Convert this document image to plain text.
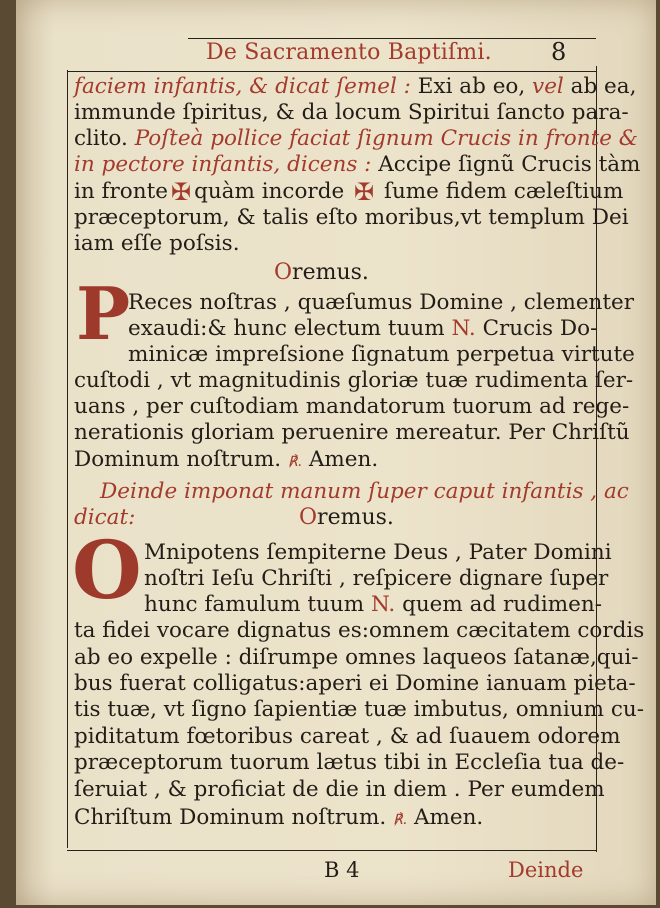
De Sacramento Baptiſmi. 8
faciem infantis, & dicat ſemel : Exi ab eo, vel ab ea,
immunde ſpiritus, & da locum Spiritui ſancto para-
clito. Poſteà pollice faciat ſignum Crucis in fronte &
in pectore infantis, dicens : Accipe ſignũ Crucis tàm
in fronte ✠ quàm incorde ✠ ſume fidem cæleſtium
præceptorum, & talis eſto moribus,vt templum Dei
iam eſſe poſsis.
Oremus.
P
Reces noſtras , quæſumus Domine , clementer
exaudi:& hunc electum tuum N. Crucis Do-
minicæ impreſsione ſignatum perpetua virtute
cuſtodi , vt magnitudinis gloriæ tuæ rudimenta ſer-
uans , per cuſtodiam mandatorum tuorum ad rege-
nerationis gloriam peruenire mereatur. Per Chriſtũ
Dominum noſtrum. ℟. Amen.
Deinde imponat manum ſuper caput infantis , ac
dicat:	Oremus.
O Mnipotens ſempiterne Deus , Pater Domini
noſtri Ieſu Chriſti , reſpicere dignare ſuper
hunc famulum tuum N. quem ad rudimen-
ta fidei vocare dignatus es:omnem cæcitatem cordis
ab eo expelle : diſrumpe omnes laqueos ſatanæ,qui-
bus fuerat colligatus:aperi ei Domine ianuam pieta-
tis tuæ, vt ſigno ſapientiæ tuæ imbutus, omnium cu-
piditatum fœtoribus careat , & ad ſuauem odorem
præceptorum tuorum lætus tibi in Eccleſia tua de-
ſeruiat , & proficiat de die in diem . Per eumdem
Chriſtum Dominum noſtrum. ℟. Amen.
B 4	Deinde
